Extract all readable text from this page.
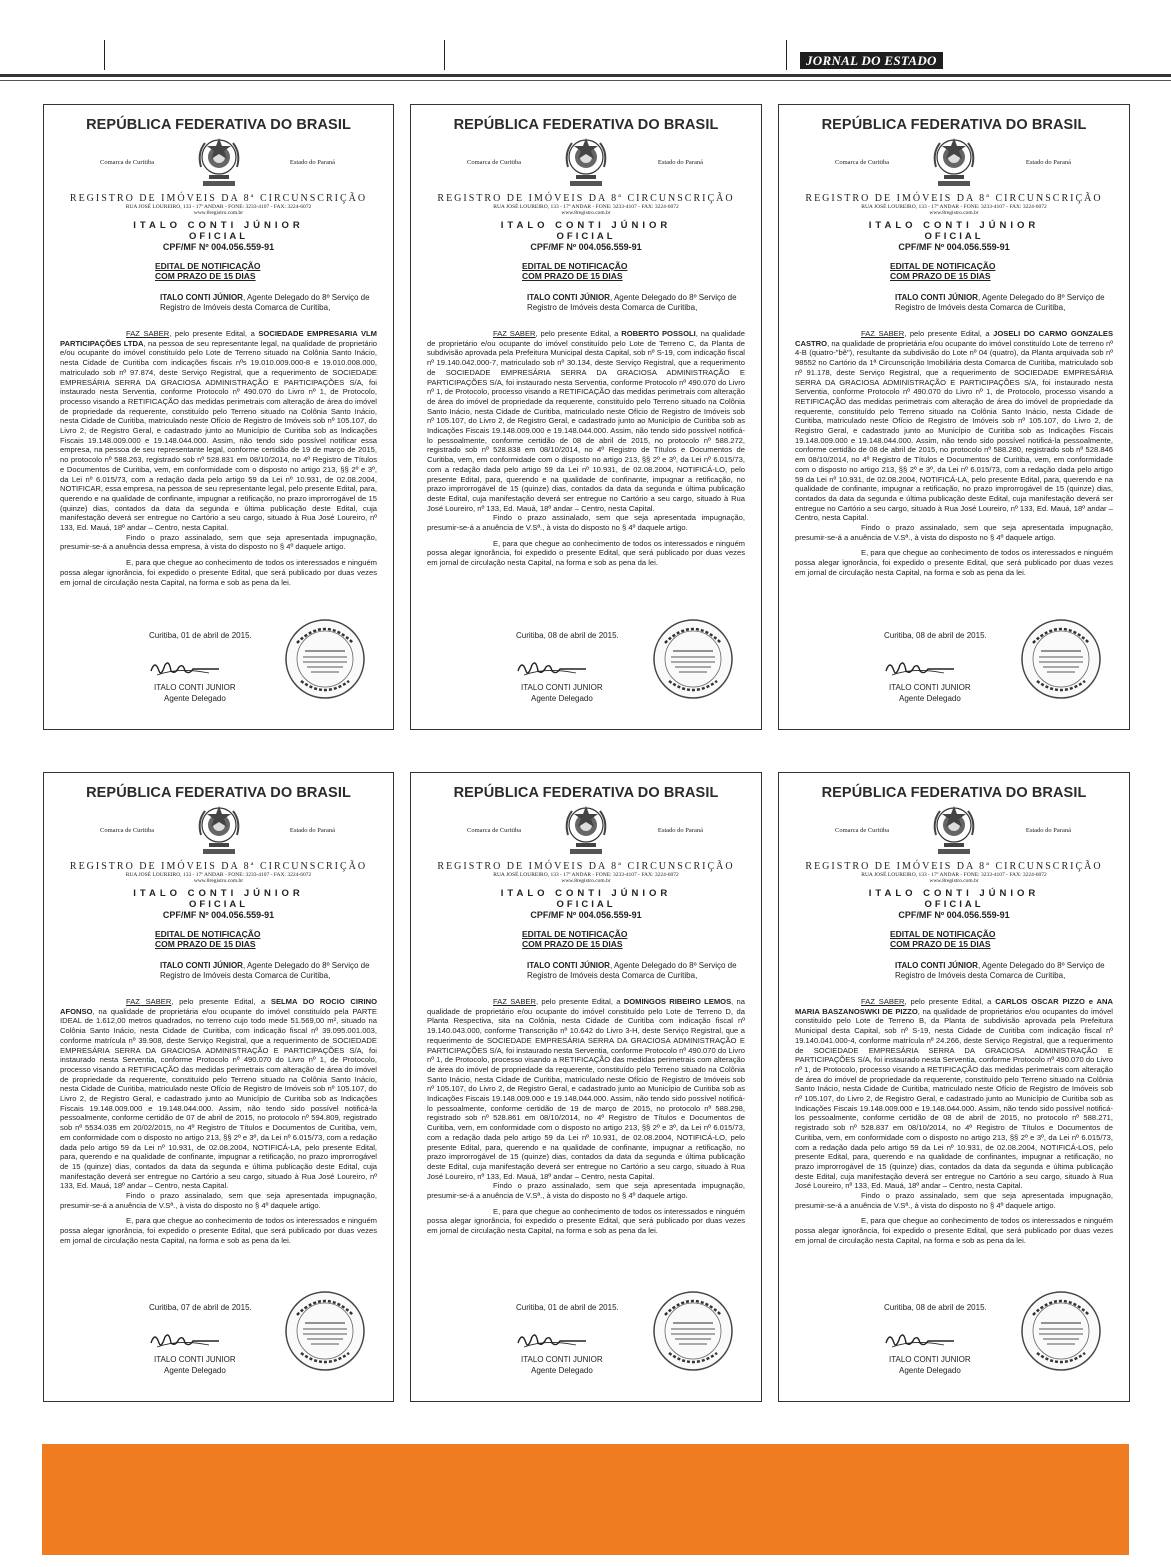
JORNAL DO ESTADO
REPÚBLICA FEDERATIVA DO BRASIL
Comarca de Curitiba	Estado do Paraná
REGISTRO DE IMÓVEIS DA 8ª CIRCUNSCRIÇÃO
RUA JOSÉ LOUREIRO, 133 - 17º ANDAR - FONE: 3233-4107 - FAX: 3224-6072
www.8registro.com.br
ITALO CONTI JÚNIOR
OFICIAL
CPF/MF Nº 004.056.559-91
EDITAL DE NOTIFICAÇÃO
COM PRAZO DE 15 DIAS
ITALO CONTI JÚNIOR, Agente Delegado do 8º Serviço de Registro de Imóveis desta Comarca de Curitiba,

FAZ SABER, pelo presente Edital, a SOCIEDADE EMPRESARIA VLM PARTICIPAÇÕES LTDA, na pessoa de seu representante legal, na qualidade de proprietário e/ou ocupante do imóvel constituído pelo Lote de Terreno situado na Colônia Santo Inácio, nesta Cidade de Curitiba com indicações fiscais nºs 19.010.009.000-8 e 19.010.008.000, matriculado sob nº 97.874, deste Serviço Registral, que a requerimento de SOCIEDADE EMPRESÁRIA SERRA DA GRACIOSA ADMINISTRAÇÃO E PARTICIPAÇÕES S/A, foi instaurado nesta Serventia, conforme Protocolo nº 490.070 do Livro nº 1, de Protocolo, processo visando a RETIFICAÇÃO das medidas perimetrais com alteração de área do imóvel de propriedade da requerente, constituído pelo Terreno situado na Colônia Santo Inácio, nesta Cidade de Curitiba, matriculado neste Ofício de Registro de Imóveis sob nº 105.107, do Livro 2, de Registro Geral, e cadastrado junto ao Município de Curitiba sob as Indicações Fiscais 19.148.009.000 e 19.148.044.000. Assim, não tendo sido possível notificar essa empresa, na pessoa de seu representante legal, conforme certidão de 19 de março de 2015, no protocolo nº 588.263, registrado sob nº 528.831 em 08/10/2014, no 4º Registro de Títulos e Documentos de Curitiba, vem, em conformidade com o disposto no artigo 213, §§ 2º e 3º, da Lei nº 6.015/73, com a redação dada pelo artigo 59 da Lei nº 10.931, de 02.08.2004, NOTIFICAR, essa empresa, na pessoa de seu representante legal, pelo presente Edital, para, querendo e na qualidade de confinante, impugnar a retificação, no prazo improrrogável de 15 (quinze) dias, contados da data da segunda e última publicação deste Edital, cuja manifestação deverá ser entregue no Cartório a seu cargo, situado à Rua José Loureiro, nº 133, Ed. Mauá, 18º andar – Centro, nesta Capital.

Findo o prazo assinalado, sem que seja apresentada impugnação, presumir-se-á a anuência dessa empresa, à vista do disposto no § 4º daquele artigo.

E, para que chegue ao conhecimento de todos os interessados e ninguém possa alegar ignorância, foi expedido o presente Edital, que será publicado por duas vezes em jornal de circulação nesta Capital, na forma e sob as pena da lei.

Curitiba, 01 de abril de 2015.
ITALO CONTI JUNIOR
Agente Delegado
REPÚBLICA FEDERATIVA DO BRASIL
Comarca de Curitiba	Estado do Paraná
REGISTRO DE IMÓVEIS DA 8ª CIRCUNSCRIÇÃO
RUA JOSÉ LOUREIRO, 133 - 17º ANDAR - FONE: 3233-4107 - FAX: 3224-6072
www.8registro.com.br
ITALO CONTI JÚNIOR
OFICIAL
CPF/MF Nº 004.056.559-91
EDITAL DE NOTIFICAÇÃO
COM PRAZO DE 15 DIAS
ITALO CONTI JÚNIOR, Agente Delegado do 8º Serviço de Registro de Imóveis desta Comarca de Curitiba,

FAZ SABER, pelo presente Edital, a ROBERTO POSSOLI, na qualidade de proprietário e/ou ocupante do imóvel constituído pelo Lote de Terreno C, da Planta de subdivisão aprovada pela Prefeitura Municipal desta Capital, sob nº S-19, com indicação fiscal nº 19.140.042.000-7, matriculado sob nº 30.134, deste Serviço Registral, que a requerimento de SOCIEDADE EMPRESÁRIA SERRA DA GRACIOSA ADMINISTRAÇÃO E PARTICIPAÇÕES S/A, foi instaurado nesta Serventia, conforme Protocolo nº 490.070 do Livro nº 1, de Protocolo, processo visando a RETIFICAÇÃO das medidas perimetrais com alteração de área do imóvel de propriedade da requerente, constituído pelo Terreno situado na Colônia Santo Inácio, nesta Cidade de Curitiba, matriculado neste Ofício de Registro de Imóveis sob nº 105.107, do Livro 2, de Registro Geral, e cadastrado junto ao Município de Curitiba sob as Indicações Fiscais 19.148.009.000 e 19.148.044.000. Assim, não tendo sido possível notificá-lo pessoalmente, conforme certidão de 08 de abril de 2015, no protocolo nº 588.272, registrado sob nº 528.838 em 08/10/2014, no 4º Registro de Títulos e Documentos de Curitiba, vem, em conformidade com o disposto no artigo 213, §§ 2º e 3º, da Lei nº 6.015/73, com a redação dada pelo artigo 59 da Lei nº 10.931, de 02.08.2004, NOTIFICÁ-LO, pelo presente Edital, para, querendo e na qualidade de confinante, impugnar a retificação, no prazo improrrogável de 15 (quinze) dias, contados da data da segunda e última publicação deste Edital, cuja manifestação deverá ser entregue no Cartório a seu cargo, situado à Rua José Loureiro, nº 133, Ed. Mauá, 18º andar – Centro, nesta Capital.

Findo o prazo assinalado, sem que seja apresentada impugnação, presumir-se-á a anuência de V.Sª., à vista do disposto no § 4º daquele artigo.

E, para que chegue ao conhecimento de todos os interessados e ninguém possa alegar ignorância, foi expedido o presente Edital, que será publicado por duas vezes em jornal de circulação nesta Capital, na forma e sob as pena da lei.

Curitiba, 08 de abril de 2015.
ITALO CONTI JUNIOR
Agente Delegado
REPÚBLICA FEDERATIVA DO BRASIL
Comarca de Curitiba	Estado do Paraná
REGISTRO DE IMÓVEIS DA 8ª CIRCUNSCRIÇÃO
RUA JOSÉ LOUREIRO, 133 - 17º ANDAR - FONE: 3233-4107 - FAX: 3224-6072
www.8registro.com.br
ITALO CONTI JÚNIOR
OFICIAL
CPF/MF Nº 004.056.559-91
EDITAL DE NOTIFICAÇÃO
COM PRAZO DE 15 DIAS
ITALO CONTI JÚNIOR, Agente Delegado do 8º Serviço de Registro de Imóveis desta Comarca de Curitiba,

FAZ SABER, pelo presente Edital, a JOSELI DO CARMO GONZALES CASTRO, na qualidade de proprietária e/ou ocupante do imóvel constituído Lote de terreno nº 4-B (quatro-"bê"), resultante da subdivisão do Lote nº 04 (quatro), da Planta arquivada sob nº 98552 no Cartório da 1ª Circunscrição Imobiliária desta Comarca de Curitiba, matriculado sob nº 91.178, deste Serviço Registral, que a requerimento de SOCIEDADE EMPRESÁRIA SERRA DA GRACIOSA ADMINISTRAÇÃO E PARTICIPAÇÕES S/A, foi instaurado nesta Serventia, conforme Protocolo nº 490.070 do Livro nº 1, de Protocolo, processo visando a RETIFICAÇÃO das medidas perimetrais com alteração de área do imóvel de propriedade da requerente, constituído pelo Terreno situado na Colônia Santo Inácio, nesta Cidade de Curitiba, matriculado neste Ofício de Registro de Imóveis sob nº 105.107, do Livro 2, de Registro Geral, e cadastrado junto ao Município de Curitiba sob as Indicações Fiscais 19.148.009.000 e 19.148.044.000. Assim, não tendo sido possível notificá-la pessoalmente, conforme certidão de 08 de abril de 2015, no protocolo nº 588.280, registrado sob nº 528.846 em 08/10/2014, no 4º Registro de Títulos e Documentos de Curitiba, vem, em conformidade com o disposto no artigo 213, §§ 2º e 3º, da Lei nº 6.015/73, com a redação dada pelo artigo 59 da Lei nº 10.931, de 02.08.2004, NOTIFICÁ-LA, pelo presente Edital, para, querendo e na qualidade de confinante, impugnar a retificação, no prazo improrrogável de 15 (quinze) dias, contados da data da segunda e última publicação deste Edital, cuja manifestação deverá ser entregue no Cartório a seu cargo, situado à Rua José Loureiro, nº 133, Ed. Mauá, 18º andar – Centro, nesta Capital.

Findo o prazo assinalado, sem que seja apresentada impugnação, presumir-se-á a anuência de V.Sª., à vista do disposto no § 4º daquele artigo.

E, para que chegue ao conhecimento de todos os interessados e ninguém possa alegar ignorância, foi expedido o presente Edital, que será publicado por duas vezes em jornal de circulação nesta Capital, na forma e sob as pena da lei.

Curitiba, 08 de abril de 2015.
ITALO CONTI JUNIOR
Agente Delegado
REPÚBLICA FEDERATIVA DO BRASIL
Comarca de Curitiba	Estado do Paraná
REGISTRO DE IMÓVEIS DA 8ª CIRCUNSCRIÇÃO
RUA JOSÉ LOUREIRO, 133 - 17º ANDAR - FONE: 3233-4107 - FAX: 3224-6072
www.8registro.com.br
ITALO CONTI JÚNIOR
OFICIAL
CPF/MF Nº 004.056.559-91
EDITAL DE NOTIFICAÇÃO
COM PRAZO DE 15 DIAS
ITALO CONTI JÚNIOR, Agente Delegado do 8º Serviço de Registro de Imóveis desta Comarca de Curitiba,

FAZ SABER, pelo presente Edital, a SELMA DO ROCIO CIRINO AFONSO, na qualidade de proprietária e/ou ocupante do imóvel constituído pela PARTE IDEAL de 1.612,00 metros quadrados, no terreno cujo todo mede 51.569,00 m², situado na Colônia Santo Inácio, nesta Cidade de Curitiba, com indicação fiscal nº 39.095.001.003, conforme matrícula nº 39.908, deste Serviço Registral, que a requerimento de SOCIEDADE EMPRESÁRIA SERRA DA GRACIOSA ADMINISTRAÇÃO E PARTICIPAÇÕES S/A, foi instaurado nesta Serventia, conforme Protocolo nº 490.070 do Livro nº 1, de Protocolo, processo visando a RETIFICAÇÃO das medidas perimetrais com alteração de área do imóvel de propriedade da requerente, constituído pelo Terreno situado na Colônia Santo Inácio, nesta Cidade de Curitiba, matriculado neste Ofício de Registro de Imóveis sob nº 105.107, do Livro 2, de Registro Geral, e cadastrado junto ao Município de Curitiba sob as Indicações Fiscais 19.148.009.000 e 19.148.044.000. Assim, não tendo sido possível notificá-la pessoalmente, conforme certidão de 07 de abril de 2015, no protocolo nº 594.809, registrado sob nº 5534.035 em 20/02/2015, no 4º Registro de Títulos e Documentos de Curitiba, vem, em conformidade com o disposto no artigo 213, §§ 2º e 3º, da Lei nº 6.015/73, com a redação dada pelo artigo 59 da Lei nº 10.931, de 02.08.2004, NOTIFICÁ-LA, pelo presente Edital, para, querendo e na qualidade de confinante, impugnar a retificação, no prazo improrrogável de 15 (quinze) dias, contados da data da segunda e última publicação deste Edital, cuja manifestação deverá ser entregue no Cartório a seu cargo, situado à Rua José Loureiro, nº 133, Ed. Mauá, 18º andar – Centro, nesta Capital.

Findo o prazo assinalado, sem que seja apresentada impugnação, presumir-se-á a anuência de V.Sª., à vista do disposto no § 4º daquele artigo.

E, para que chegue ao conhecimento de todos os interessados e ninguém possa alegar ignorância, foi expedido o presente Edital, que será publicado por duas vezes em jornal de circulação nesta Capital, na forma e sob as pena da lei.

Curitiba, 07 de abril de 2015.
ITALO CONTI JUNIOR
Agente Delegado
REPÚBLICA FEDERATIVA DO BRASIL
Comarca de Curitiba	Estado do Paraná
REGISTRO DE IMÓVEIS DA 8ª CIRCUNSCRIÇÃO
RUA JOSÉ LOUREIRO, 133 - 17º ANDAR - FONE: 3233-4107 - FAX: 3224-6072
www.8registro.com.br
ITALO CONTI JÚNIOR
OFICIAL
CPF/MF Nº 004.056.559-91
EDITAL DE NOTIFICAÇÃO
COM PRAZO DE 15 DIAS
ITALO CONTI JÚNIOR, Agente Delegado do 8º Serviço de Registro de Imóveis desta Comarca de Curitiba,

FAZ SABER, pelo presente Edital, a DOMINGOS RIBEIRO LEMOS, na qualidade de proprietário e/ou ocupante do imóvel constituído pelo Lote de Terreno D, da Planta Respectiva, sita na Colônia, nesta Cidade de Curitiba com indicação fiscal nº 19.140.043.000, conforme Transcrição nº 10.642 do Livro 3-H, deste Serviço Registral, que a requerimento de SOCIEDADE EMPRESÁRIA SERRA DA GRACIOSA ADMINISTRAÇÃO E PARTICIPAÇÕES S/A, foi instaurado nesta Serventia, conforme Protocolo nº 490.070 do Livro nº 1, de Protocolo, processo visando a RETIFICAÇÃO das medidas perimetrais com alteração de área do imóvel de propriedade da requerente, constituído pelo Terreno situado na Colônia Santo Inácio, nesta Cidade de Curitiba, matriculado neste Ofício de Registro de Imóveis sob nº 105.107, do Livro 2, de Registro Geral, e cadastrado junto ao Município de Curitiba sob as Indicações Fiscais 19.148.009.000 e 19.148.044.000. Assim, não tendo sido possível notificá-lo pessoalmente, conforme certidão de 19 de março de 2015, no protocolo nº 588.298, registrado sob nº 528.861 em 08/10/2014, no 4º Registro de Títulos e Documentos de Curitiba, vem, em conformidade com o disposto no artigo 213, §§ 2º e 3º, da Lei nº 6.015/73, com a redação dada pelo artigo 59 da Lei nº 10.931, de 02.08.2004, NOTIFICÁ-LO, pelo presente Edital, para, querendo e na qualidade de confinante, impugnar a retificação, no prazo improrrogável de 15 (quinze) dias, contados da data da segunda e última publicação deste Edital, cuja manifestação deverá ser entregue no Cartório a seu cargo, situado à Rua José Loureiro, nº 133, Ed. Mauá, 18º andar – Centro, nesta Capital.

Findo o prazo assinalado, sem que seja apresentada impugnação, presumir-se-á a anuência de V.Sª., à vista do disposto no § 4º daquele artigo.

E, para que chegue ao conhecimento de todos os interessados e ninguém possa alegar ignorância, foi expedido o presente Edital, que será publicado por duas vezes em jornal de circulação nesta Capital, na forma e sob as pena da lei.

Curitiba, 01 de abril de 2015.
ITALO CONTI JUNIOR
Agente Delegado
REPÚBLICA FEDERATIVA DO BRASIL
Comarca de Curitiba	Estado do Paraná
REGISTRO DE IMÓVEIS DA 8ª CIRCUNSCRIÇÃO
RUA JOSÉ LOUREIRO, 133 - 17º ANDAR - FONE: 3233-4107 - FAX: 3224-6072
www.8registro.com.br
ITALO CONTI JÚNIOR
OFICIAL
CPF/MF Nº 004.056.559-91
EDITAL DE NOTIFICAÇÃO
COM PRAZO DE 15 DIAS
ITALO CONTI JÚNIOR, Agente Delegado do 8º Serviço de Registro de Imóveis desta Comarca de Curitiba,

FAZ SABER, pelo presente Edital, a CARLOS OSCAR PIZZO e ANA MARIA BASZANOSWKI DE PIZZO, na qualidade de proprietários e/ou ocupantes do imóvel constituído pelo Lote de Terreno B, da Planta de subdivisão aprovada pela Prefeitura Municipal desta Capital, sob nº S-19, nesta Cidade de Curitiba com indicação fiscal nº 19.140.041.000-4, conforme matrícula nº 24.266, deste Serviço Registral, que a requerimento de SOCIEDADE EMPRESÁRIA SERRA DA GRACIOSA ADMINISTRAÇÃO E PARTICIPAÇÕES S/A, foi instaurado nesta Serventia, conforme Protocolo nº 490.070 do Livro nº 1, de Protocolo, processo visando a RETIFICAÇÃO das medidas perimetrais com alteração de área do imóvel de propriedade da requerente, constituído pelo Terreno situado na Colônia Santo Inácio, nesta Cidade de Curitiba, matriculado neste Ofício de Registro de Imóveis sob nº 105.107, do Livro 2, de Registro Geral, e cadastrado junto ao Município de Curitiba sob as Indicações Fiscais 19.148.009.000 e 19.148.044.000. Assim, não tendo sido possível notificá-los pessoalmente, conforme certidão de 08 de abril de 2015, no protocolo nº 588.271, registrado sob nº 528.837 em 08/10/2014, no 4º Registro de Títulos e Documentos de Curitiba, vem, em conformidade com o disposto no artigo 213, §§ 2º e 3º, da Lei nº 6.015/73, com a redação dada pelo artigo 59 da Lei nº 10.931, de 02.08.2004, NOTIFICÁ-LOS, pelo presente Edital, para, querendo e na qualidade de confinantes, impugnar a retificação, no prazo improrrogável de 15 (quinze) dias, contados da data da segunda e última publicação deste Edital, cuja manifestação deverá ser entregue no Cartório a seu cargo, situado à Rua José Loureiro, nº 133, Ed. Mauá, 18º andar – Centro, nesta Capital.

Findo o prazo assinalado, sem que seja apresentada impugnação, presumir-se-á a anuência de V.Sª., à vista do disposto no § 4º daquele artigo.

E, para que chegue ao conhecimento de todos os interessados e ninguém possa alegar ignorância, foi expedido o presente Edital, que será publicado por duas vezes em jornal de circulação nesta Capital, na forma e sob as pena da lei.

Curitiba, 08 de abril de 2015.
ITALO CONTI JUNIOR
Agente Delegado
